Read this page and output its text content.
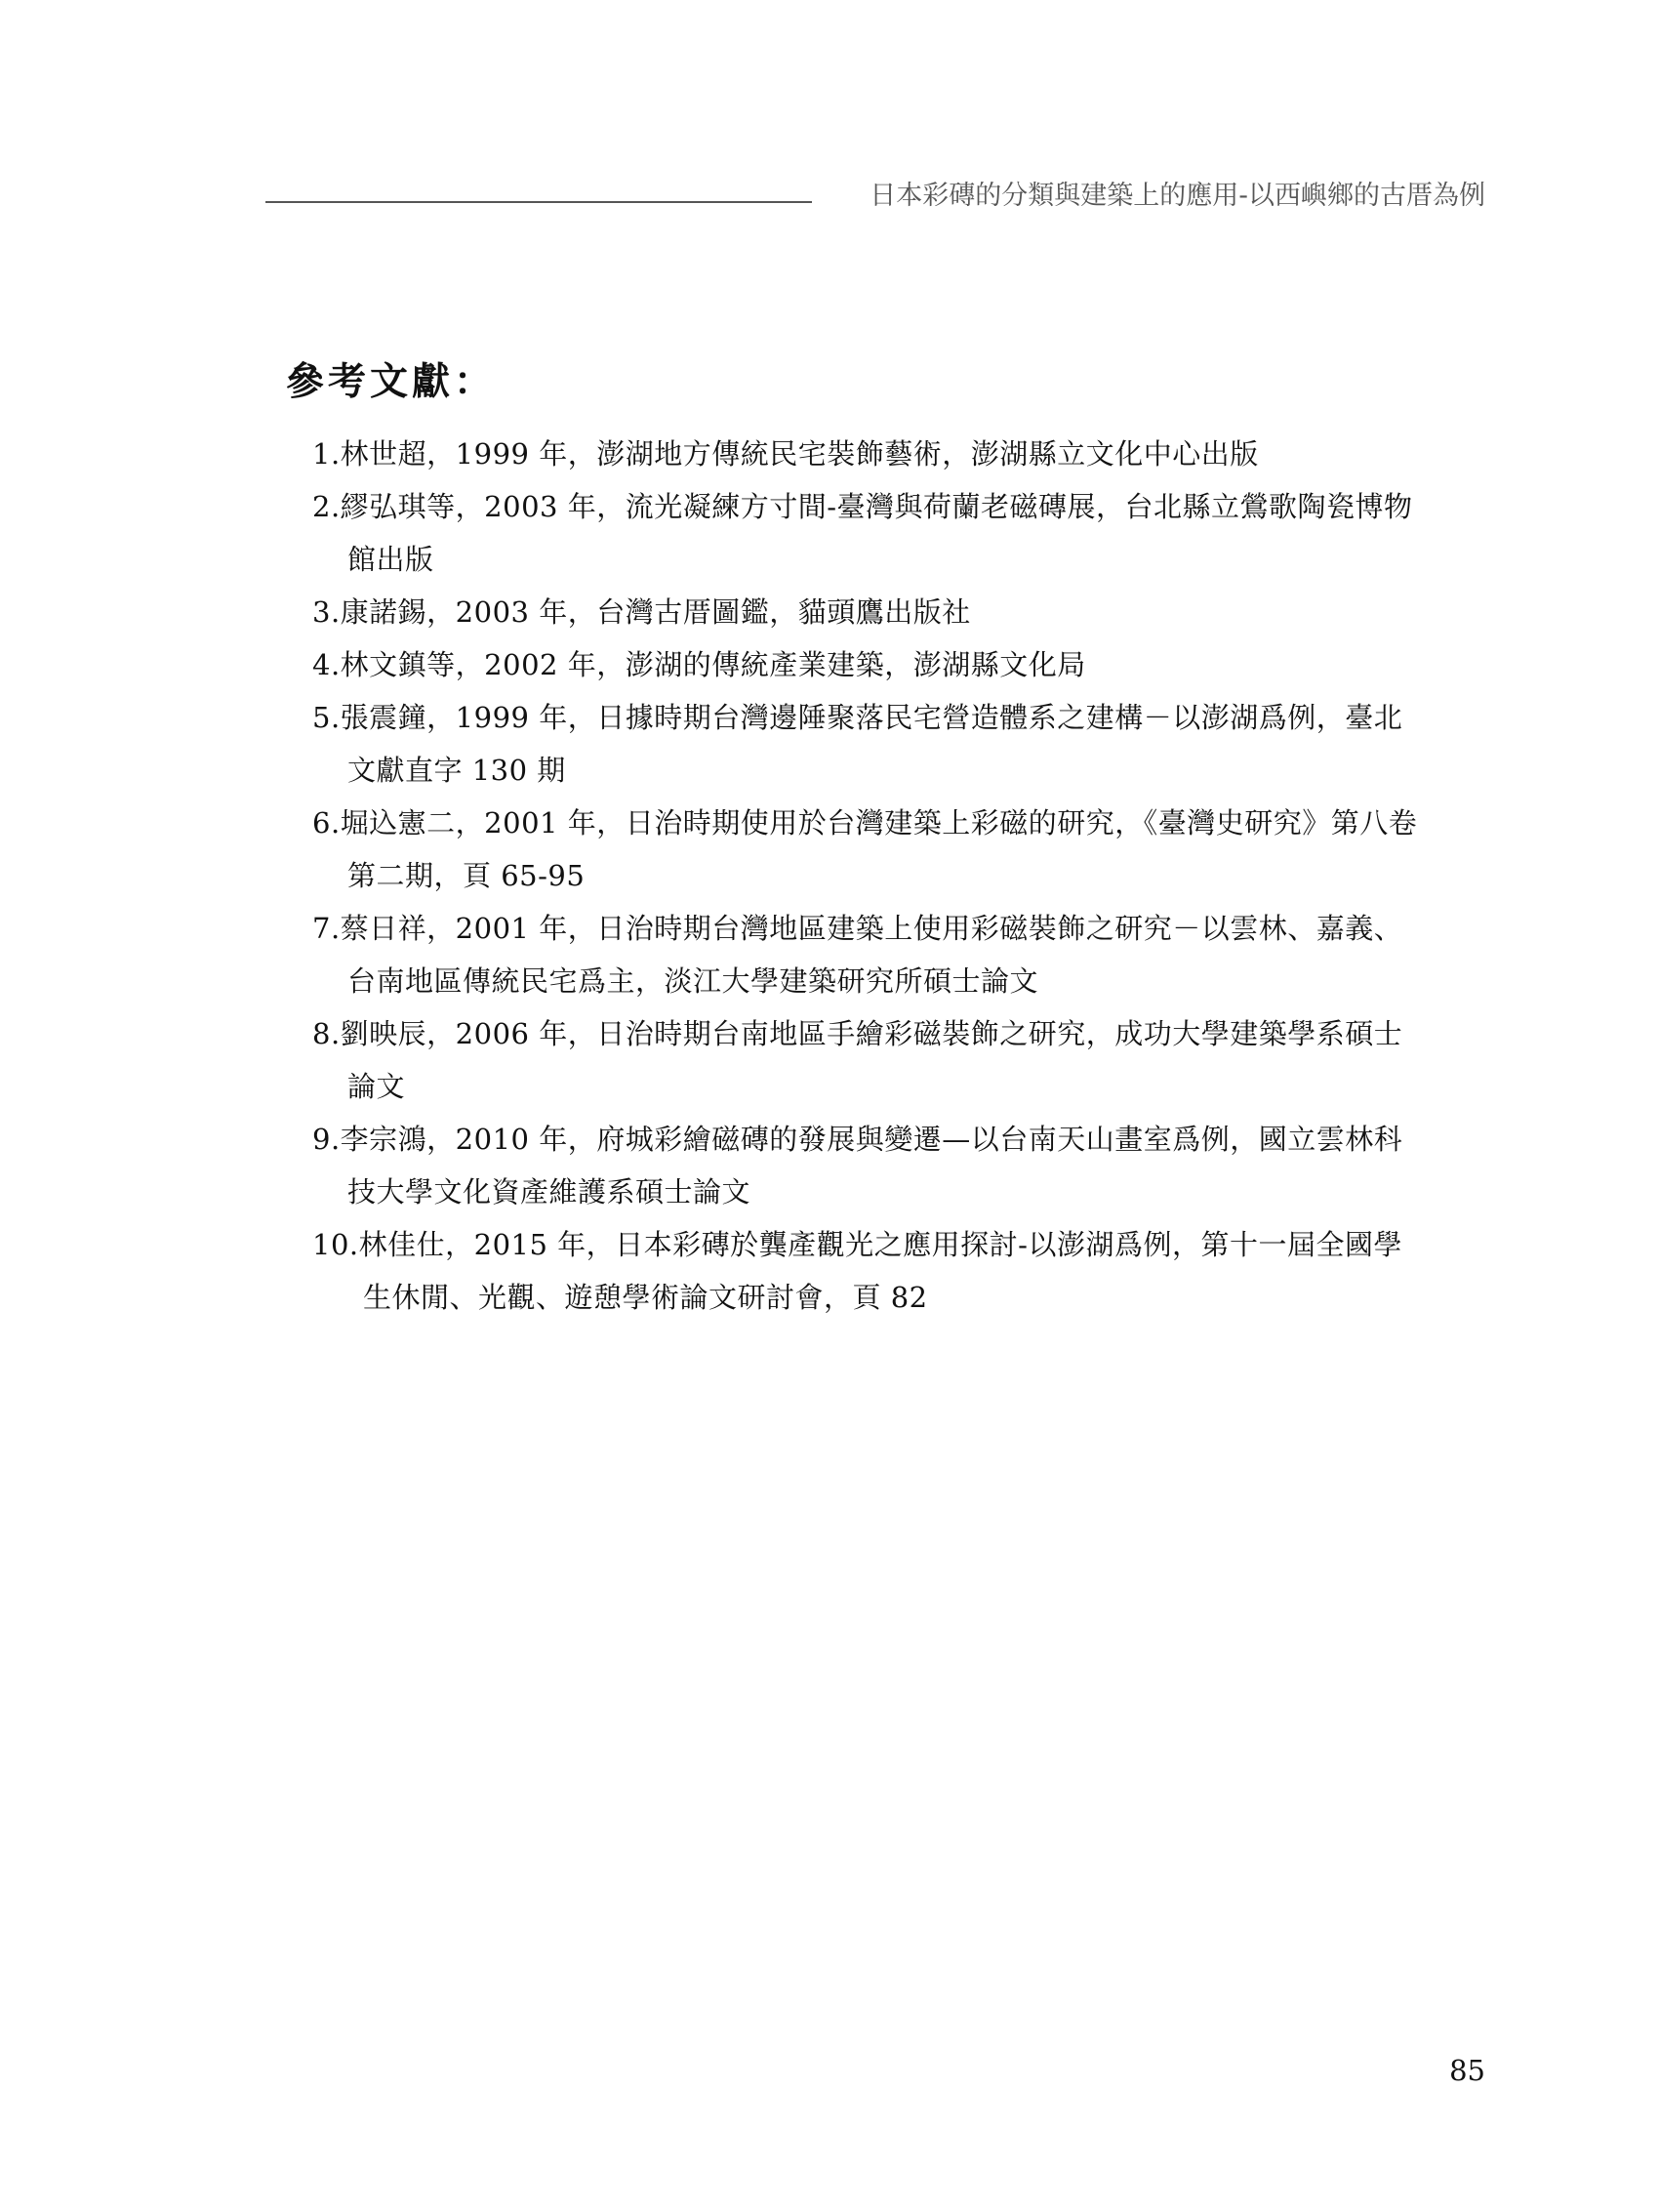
日本彩磚的分類與建築上的應用-以西嶼鄉的古厝為例
參考文獻：
1.林世超，1999 年，澎湖地方傳統民宅裝飾藝術，澎湖縣立文化中心出版
2.繆弘琪等，2003 年，流光凝練方寸間-臺灣與荷蘭老磁磚展，台北縣立鶯歌陶瓷博物
館出版
3.康諾錫，2003 年，台灣古厝圖鑑，貓頭鷹出版社
4.林文鎮等，2002 年，澎湖的傳統產業建築，澎湖縣文化局
5.張震鐘，1999 年，日據時期台灣邊陲聚落民宅營造體系之建構－以澎湖爲例，臺北
文獻直字 130 期
6.堀込憲二，2001 年，日治時期使用於台灣建築上彩磁的研究，《臺灣史研究》第八卷
第二期，頁 65-95
7.蔡日祥，2001 年，日治時期台灣地區建築上使用彩磁裝飾之研究－以雲林、嘉義、
台南地區傳統民宅爲主，淡江大學建築研究所碩士論文
8.劉映辰，2006 年，日治時期台南地區手繪彩磁裝飾之研究，成功大學建築學系碩士
論文
9.李宗鴻，2010 年，府城彩繪磁磚的發展與變遷—以台南天山畫室爲例，國立雲林科
技大學文化資產維護系碩士論文
10.林佳仕，2015 年，日本彩磚於龔產觀光之應用探討-以澎湖爲例，第十一屆全國學
生休閒、光觀、遊憩學術論文研討會，頁 82
85
